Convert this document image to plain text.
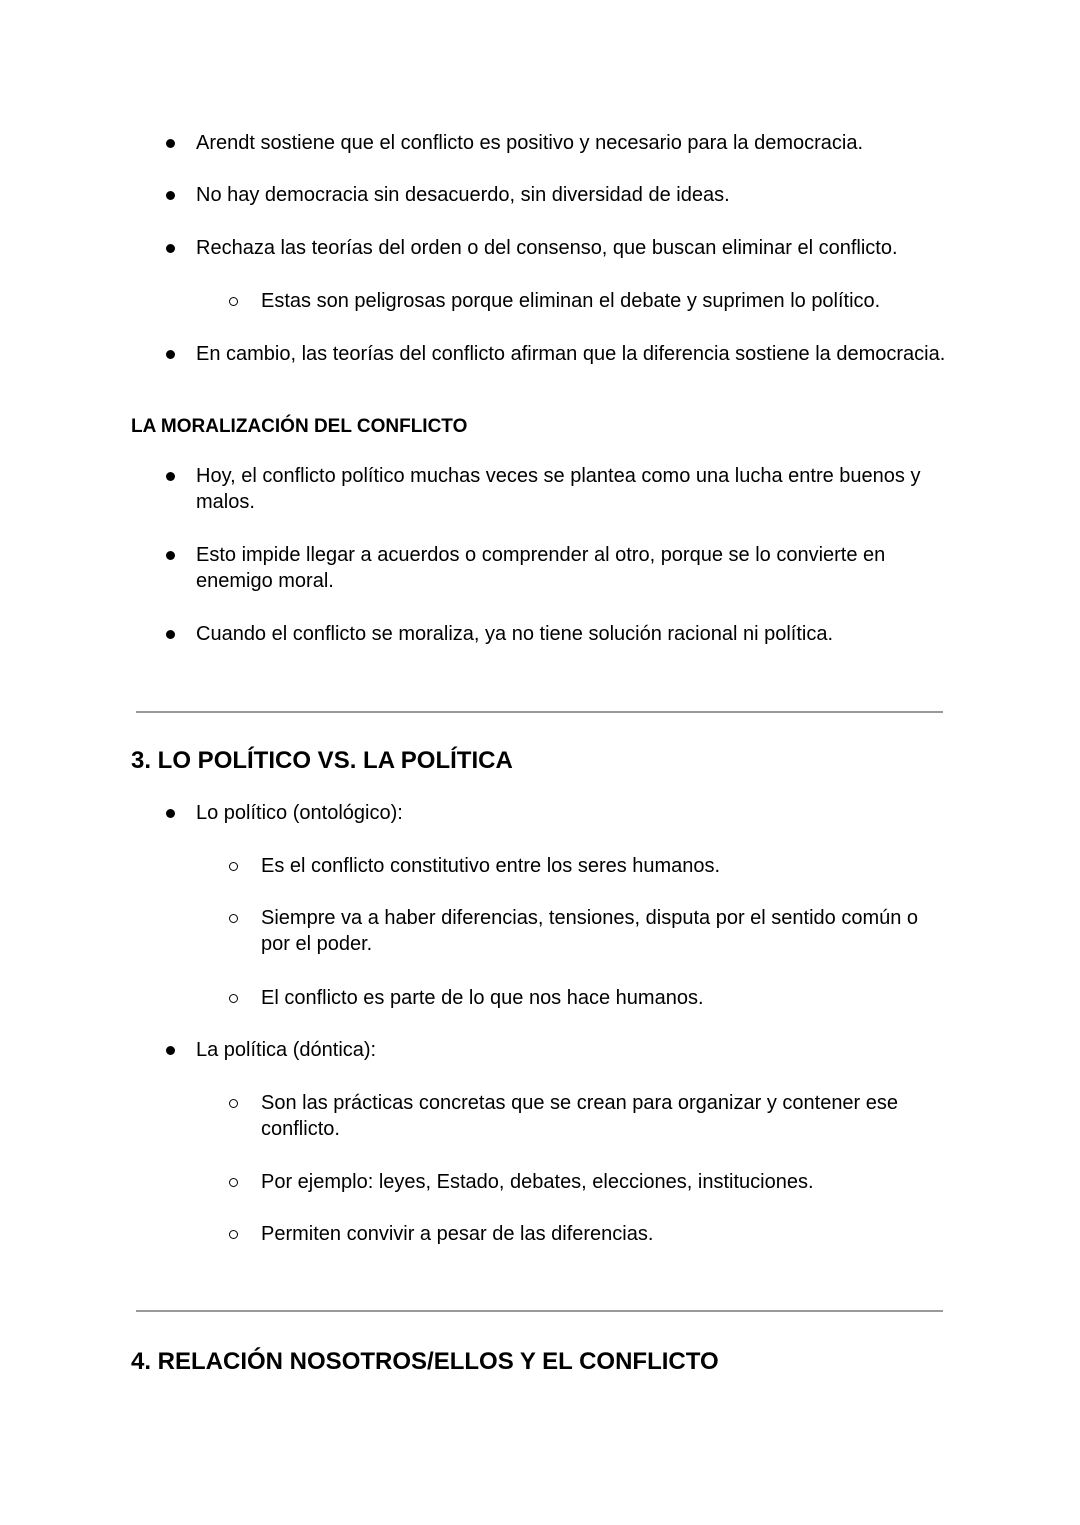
Arendt sostiene que el conflicto es positivo y necesario para la democracia.

No hay democracia sin desacuerdo, sin diversidad de ideas.

Rechaza las teorías del orden o del consenso, que buscan eliminar el conflicto.

Estas son peligrosas porque eliminan el debate y suprimen lo político.

En cambio, las teorías del conflicto afirman que la diferencia sostiene la democracia.

LA MORALIZACIÓN DEL CONFLICTO

Hoy, el conflicto político muchas veces se plantea como una lucha entre buenos y malos.

Esto impide llegar a acuerdos o comprender al otro, porque se lo convierte en enemigo moral.

Cuando el conflicto se moraliza, ya no tiene solución racional ni política.

3. LO POLÍTICO VS. LA POLÍTICA

Lo político (ontológico):

Es el conflicto constitutivo entre los seres humanos.

Siempre va a haber diferencias, tensiones, disputa por el sentido común o por el poder.

El conflicto es parte de lo que nos hace humanos.

La política (dóntica):

Son las prácticas concretas que se crean para organizar y contener ese conflicto.

Por ejemplo: leyes, Estado, debates, elecciones, instituciones.

Permiten convivir a pesar de las diferencias.

4. RELACIÓN NOSOTROS/ELLOS Y EL CONFLICTO
